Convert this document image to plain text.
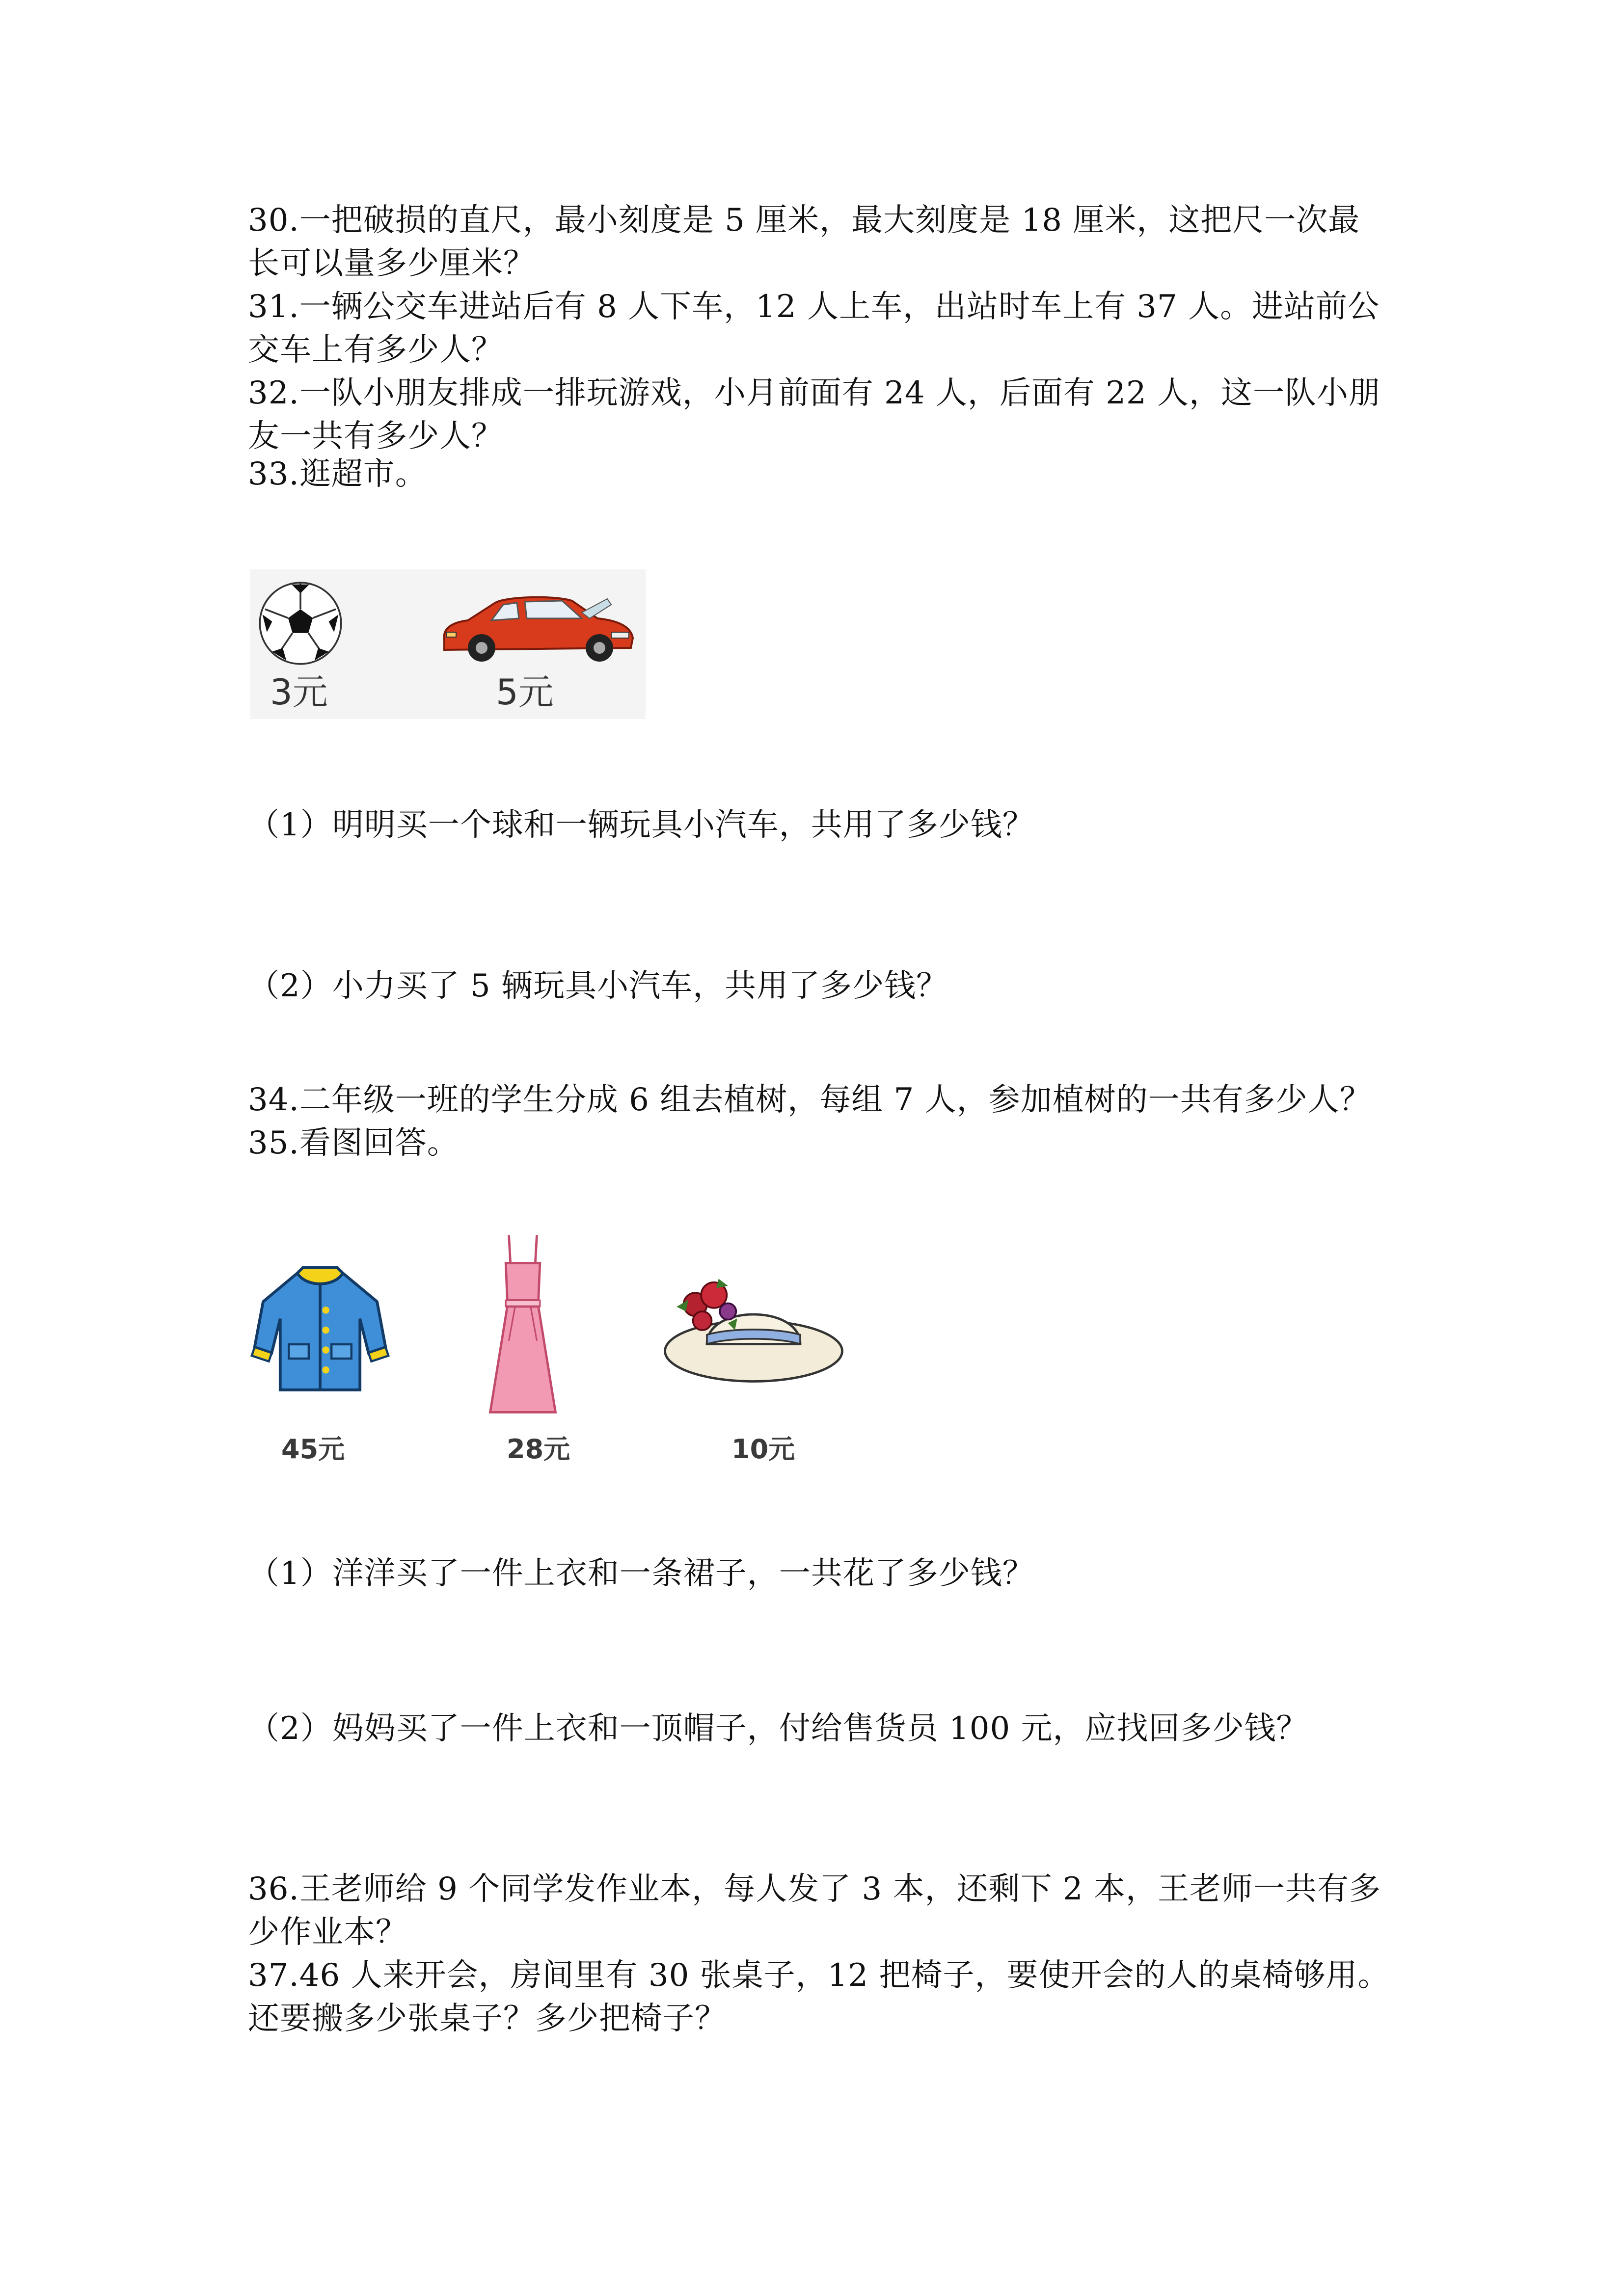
30.一把破损的直尺，最小刻度是 5 厘米，最大刻度是 18 厘米，这把尺一次最
长可以量多少厘米？
31.一辆公交车进站后有 8 人下车，12 人上车，出站时车上有 37 人。进站前公
交车上有多少人？
32.一队小朋友排成一排玩游戏，小月前面有 24 人，后面有 22 人，这一队小朋
友一共有多少人？
33.逛超市。
3元	5元
（1）明明买一个球和一辆玩具小汽车，共用了多少钱？
（2）小力买了 5 辆玩具小汽车，共用了多少钱？
34.二年级一班的学生分成 6 组去植树，每组 7 人，参加植树的一共有多少人？
35.看图回答。
45元	28元	10元
（1）洋洋买了一件上衣和一条裙子，一共花了多少钱？
（2）妈妈买了一件上衣和一顶帽子，付给售货员 100 元，应找回多少钱？
36.王老师给 9 个同学发作业本，每人发了 3 本，还剩下 2 本，王老师一共有多
少作业本？
37.46 人来开会，房间里有 30 张桌子，12 把椅子，要使开会的人的桌椅够用。
还要搬多少张桌子？多少把椅子？
